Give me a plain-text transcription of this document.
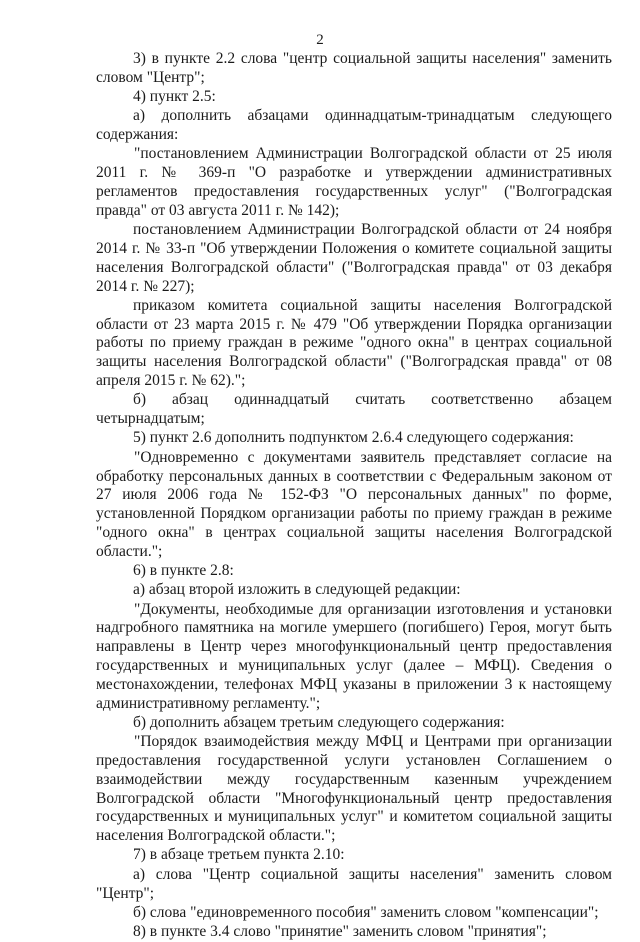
2

3) в пункте 2.2 слова "центр социальной защиты населения" заменить словом "Центр";

4) пункт 2.5:

а) дополнить абзацами одиннадцатым-тринадцатым следующего содержания:

"постановлением Администрации Волгоградской области от 25 июля 2011 г. № 369-п "О разработке и утверждении административных регламентов предоставления государственных услуг" ("Волгоградская правда" от 03 августа 2011 г. № 142);

постановлением Администрации Волгоградской области от 24 ноября 2014 г. № 33-п "Об утверждении Положения о комитете социальной защиты населения Волгоградской области" ("Волгоградская правда" от 03 декабря 2014 г. № 227);

приказом комитета социальной защиты населения Волгоградской области от 23 марта 2015 г. № 479 "Об утверждении Порядка организации работы по приему граждан в режиме "одного окна" в центрах социальной защиты населения Волгоградской области" ("Волгоградская правда" от 08 апреля 2015 г. № 62).";

б) абзац одиннадцатый считать соответственно абзацем четырнадцатым;

5) пункт 2.6 дополнить подпунктом 2.6.4 следующего содержания:

"Одновременно с документами заявитель представляет согласие на обработку персональных данных в соответствии с Федеральным законом от 27 июля 2006 года № 152-ФЗ "О персональных данных" по форме, установленной Порядком организации работы по приему граждан в режиме "одного окна" в центрах социальной защиты населения Волгоградской области.";

6) в пункте 2.8:

а) абзац второй изложить в следующей редакции:

"Документы, необходимые для организации изготовления и установки надгробного памятника на могиле умершего (погибшего) Героя, могут быть направлены в Центр через многофункциональный центр предоставления государственных и муниципальных услуг (далее – МФЦ). Сведения о местонахождении, телефонах МФЦ указаны в приложении 3 к настоящему административному регламенту.";

б) дополнить абзацем третьим следующего содержания:

"Порядок взаимодействия между МФЦ и Центрами при организации предоставления государственной услуги установлен Соглашением о взаимодействии между государственным казенным учреждением Волгоградской области "Многофункциональный центр предоставления государственных и муниципальных услуг" и комитетом социальной защиты населения Волгоградской области.";

7) в абзаце третьем пункта 2.10:

а) слова "Центр социальной защиты населения" заменить словом "Центр";

б) слова "единовременного пособия" заменить словом "компенсации";

8) в пункте 3.4 слово "принятие" заменить словом "принятия";
